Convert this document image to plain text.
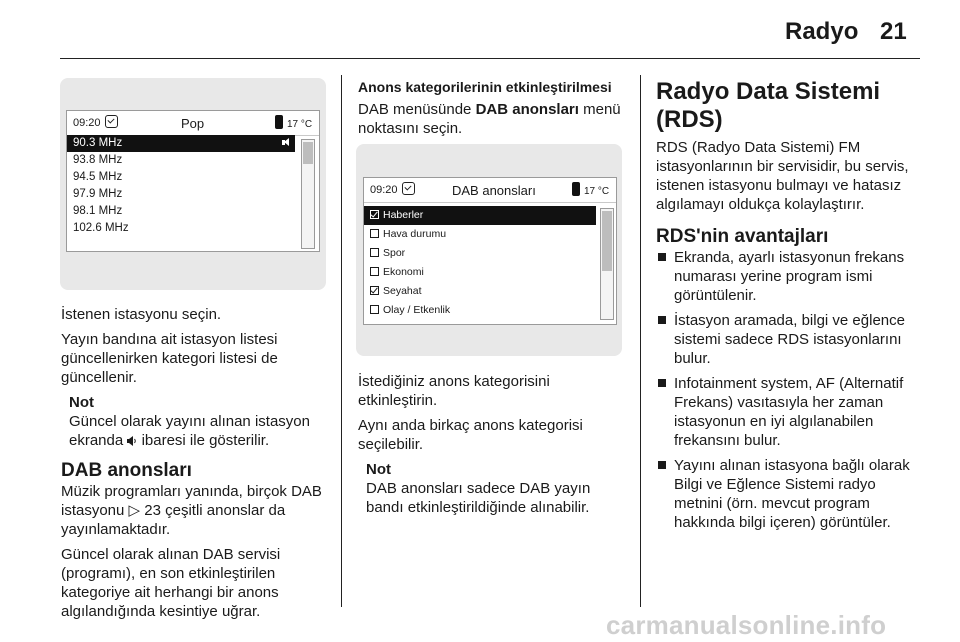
Radyo 21
09:20	Pop	17 °C
90.3 MHz
93.8 MHz
94.5 MHz
97.9 MHz
98.1 MHz
102.6 MHz

İstenen istasyonu seçin.

Yayın bandına ait istasyon listesi güncellenirken kategori listesi de güncellenir.

Not

Güncel olarak yayını alınan istasyon ekranda ibaresi ile gösterilir.

DAB anonsları

Müzik programları yanında, birçok DAB istasyonu ▷ 23 çeşitli anonslar da yayınlamaktadır.

Güncel olarak alınan DAB servisi (programı), en son etkinleştirilen kategoriye ait herhangi bir anons algılandığında kesintiye uğrar.

Anons kategorilerinin etkinleştirilmesi

DAB menüsünde DAB anonsları menü noktasını seçin.

09:20	DAB anonsları	17 °C
Haberler
Hava durumu
Spor
Ekonomi
Seyahat
Olay / Etkenlik

İstediğiniz anons kategorisini etkinleştirin.

Aynı anda birkaç anons kategorisi seçilebilir.

Not

DAB anonsları sadece DAB yayın bandı etkinleştirildiğinde alınabilir.

Radyo Data Sistemi (RDS)

RDS (Radyo Data Sistemi) FM istasyonlarının bir servisidir, bu servis, istenen istasyonu bulmayı ve hatasız algılamayı oldukça kolaylaştırır.

RDS'nin avantajları
Ekranda, ayarlı istasyonun frekans numarası yerine program ismi görüntülenir.
İstasyon aramada, bilgi ve eğlence sistemi sadece RDS istasyonlarını bulur.
Infotainment system, AF (Alternatif Frekans) vasıtasıyla her zaman istasyonun en iyi algılanabilen frekansını bulur.
Yayını alınan istasyona bağlı olarak Bilgi ve Eğlence Sistemi radyo metnini (örn. mevcut program hakkında bilgi içeren) görüntüler.
carmanualsonline.info
